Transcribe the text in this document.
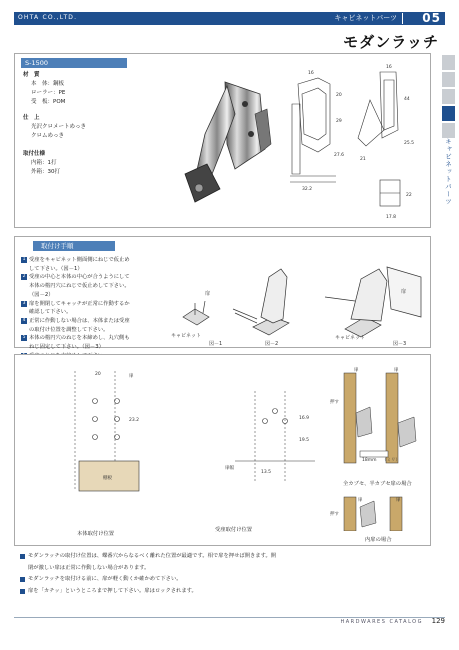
OHTA CO.,LTD.	キャビネットパーツ 05
モダンラッチ
キャビネットパーツ
S-1500
材　質
本　体：鋼板
ローラー：PE
受　板：POM
仕　上
光沢クロメートめっき
クロムめっき
取付仕様
内箱：1打
外箱：30打
16
20
29
27.6
32.2
16
44
25.5
21
22
17.8
取付け手順
1 受座をキャビネット側面側にねじで仮止め
して下さい。（図－1）
2 受座の中心と本体の中心が合うようにして
本体の楕円穴にねじで仮止めして下さい。
（図－2）
3 扉を開閉してキャッチが正常に作動するか
確認して下さい。
4 正常に作動しない場合は、本体または受座
の取付け位置を調整して下さい。
5 本体の楕円穴のねじを本締めし、丸穴側も
ねじ固定して下さい。（図－3）
キャビネット
扉
図－1	図－2
キャビネット
扉
図－3
20	扉
23.2	16.9
13.5
扉幅
棚板
19.5
本体取付け位置
受座取付け位置
扉	扉
押す
18mm （ミリ）
全カブセ、半カブセ扉の場合
扉	扉
押す
内扉の場合
モダンラッチの取付け位置は、蝶番穴からなるべく離れた位置が最適です。相で扉を押せば開きます。開
閉が激しい扉は正常に作動しない場合があります。
モダンラッチを取付ける前に、扉が軽く動くか確かめて下さい。
扉を「カチッ」というところまで押して下さい。扉はロックされます。
HARDWARES CATALOG 129
